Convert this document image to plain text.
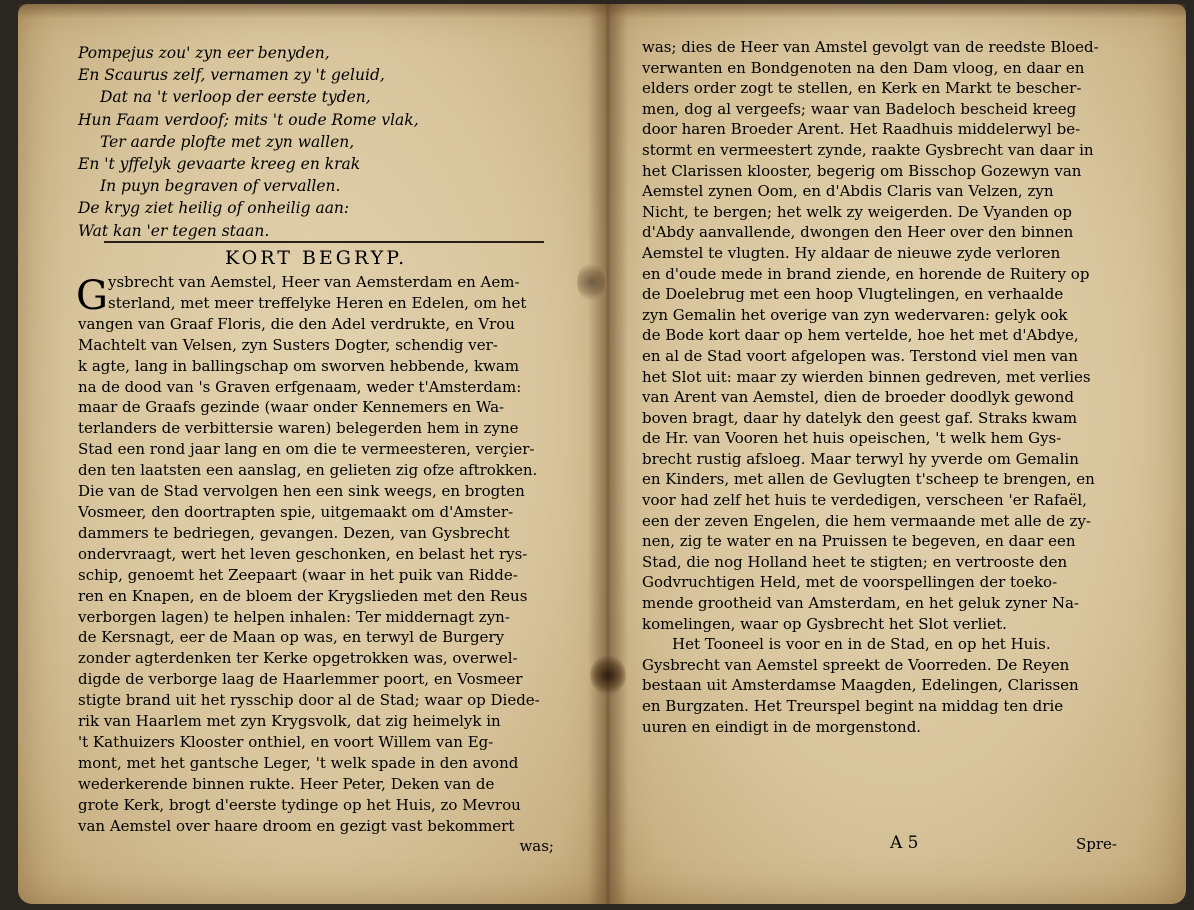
Pompejus zou' zyn eer benyden,
En Scaurus zelf, vernamen zy 't geluid,
Dat na 't verloop der eerste tyden,
Hun Faam verdoof; mits 't oude Rome vlak,
Ter aarde plofte met zyn wallen,
En 't yffelyk gevaarte kreeg en krak
In puyn begraven of vervallen.
De kryg ziet heilig of onheilig aan:
Wat kan 'er tegen staan.
KORT BEGRYP.
G ysbrecht van Aemstel, Heer van Aemsterdam en Aem-
sterland, met meer treffelyke Heren en Edelen, om het
vangen van Graaf Floris, die den Adel verdrukte, en Vrou
Machtelt van Velsen, zyn Susters Dogter, schendig ver-
k agte, lang in ballingschap om sworven hebbende, kwam
na de dood van 's Graven erfgenaam, weder t'Amsterdam:
maar de Graafs gezinde (waar onder Kennemers en Wa-
terlanders de verbittersie waren) belegerden hem in zyne
Stad een rond jaar lang en om die te vermeesteren, verçier-
den ten laatsten een aanslag, en gelieten zig ofze aftrokken.
Die van de Stad vervolgen hen een sink weegs, en brogten
Vosmeer, den doortrapten spie, uitgemaakt om d'Amster-
dammers te bedriegen, gevangen. Dezen, van Gysbrecht
ondervraagt, wert het leven geschonken, en belast het rys-
schip, genoemt het Zeepaart (waar in het puik van Ridde-
ren en Knapen, en de bloem der Krygslieden met den Reus
verborgen lagen) te helpen inhalen: Ter middernagt zyn-
de Kersnagt, eer de Maan op was, en terwyl de Burgery
zonder agterdenken ter Kerke opgetrokken was, overwel-
digde de verborge laag de Haarlemmer poort, en Vosmeer
stigte brand uit het rysschip door al de Stad; waar op Diede-
rik van Haarlem met zyn Krygsvolk, dat zig heimelyk in
't Kathuizers Klooster onthiel, en voort Willem van Eg-
mont, met het gantsche Leger, 't welk spade in den avond
wederkerende binnen rukte. Heer Peter, Deken van de
grote Kerk, brogt d'eerste tydinge op het Huis, zo Mevrou
van Aemstel over haare droom en gezigt vast bekommert
was;
was; dies de Heer van Amstel gevolgt van de reedste Bloed-
verwanten en Bondgenoten na den Dam vloog, en daar en
elders order zogt te stellen, en Kerk en Markt te bescher-
men, dog al vergeefs; waar van Badeloch bescheid kreeg
door haren Broeder Arent. Het Raadhuis middelerwyl be-
stormt en vermeestert zynde, raakte Gysbrecht van daar in
het Clarissen klooster, begerig om Bisschop Gozewyn van
Aemstel zynen Oom, en d'Abdis Claris van Velzen, zyn
Nicht, te bergen; het welk zy weigerden. De Vyanden op
d'Abdy aanvallende, dwongen den Heer over den binnen
Aemstel te vlugten. Hy aldaar de nieuwe zyde verloren
en d'oude mede in brand ziende, en horende de Ruitery op
de Doelebrug met een hoop Vlugtelingen, en verhaalde
zyn Gemalin het overige van zyn wedervaren: gelyk ook
de Bode kort daar op hem vertelde, hoe het met d'Abdye,
en al de Stad voort afgelopen was. Terstond viel men van
het Slot uit: maar zy wierden binnen gedreven, met verlies
van Arent van Aemstel, dien de broeder doodlyk gewond
boven bragt, daar hy datelyk den geest gaf. Straks kwam
de Hr. van Vooren het huis opeischen, 't welk hem Gys-
brecht rustig afsloeg. Maar terwyl hy yverde om Gemalin
en Kinders, met allen de Gevlugten t'scheep te brengen, en
voor had zelf het huis te verdedigen, verscheen 'er Rafaël,
een der zeven Engelen, die hem vermaande met alle de zy-
nen, zig te water en na Pruissen te begeven, en daar een
Stad, die nog Holland heet te stigten; en vertrooste den
Godvruchtigen Held, met de voorspellingen der toeko-
mende grootheid van Amsterdam, en het geluk zyner Na-
komelingen, waar op Gysbrecht het Slot verliet.
Het Tooneel is voor en in de Stad, en op het Huis.
Gysbrecht van Aemstel spreekt de Voorreden. De Reyen
bestaan uit Amsterdamse Maagden, Edelingen, Clarissen
en Burgzaten. Het Treurspel begint na middag ten drie
uuren en eindigt in de morgenstond.
A 5	Spre-
